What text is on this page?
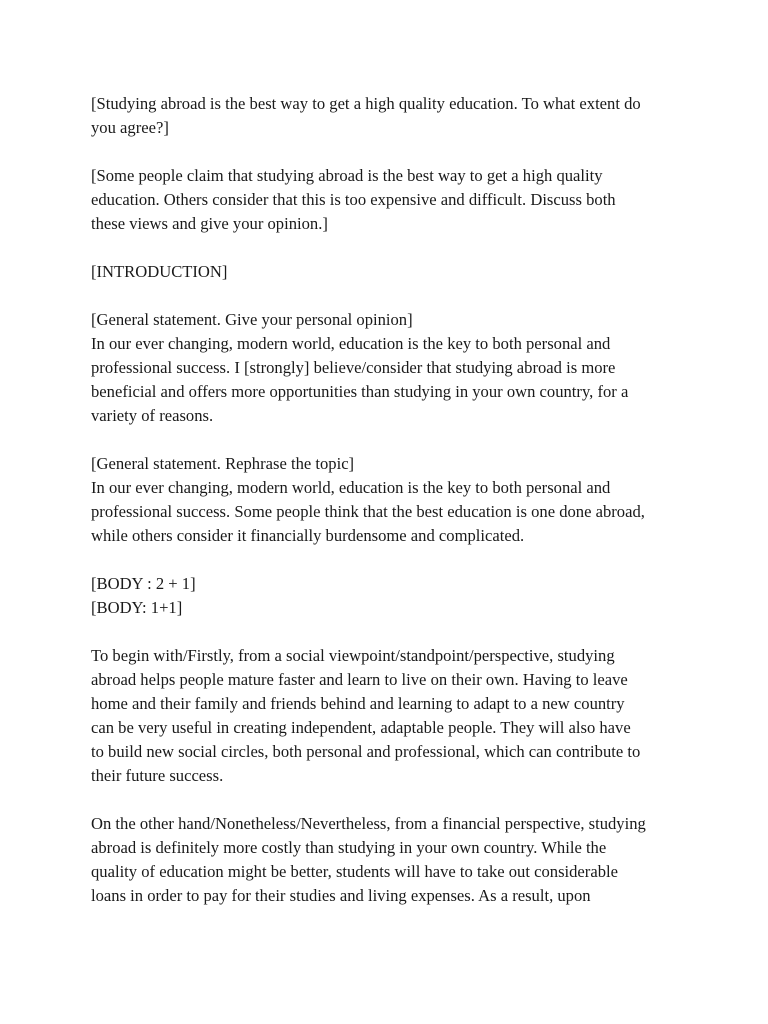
[Studying abroad is the best way to get a high quality education. To what extent do
you agree?]

[Some people claim that studying abroad is the best way to get a high quality
education. Others consider that this is too expensive and difficult. Discuss both
these views and give your opinion.]

[INTRODUCTION]

[General statement. Give your personal opinion]
In our ever changing, modern world, education is the key to both personal and
professional success. I [strongly] believe/consider that studying abroad is more
beneficial and offers more opportunities than studying in your own country, for a
variety of reasons.

[General statement. Rephrase the topic]
In our ever changing, modern world, education is the key to both personal and
professional success. Some people think that the best education is one done abroad,
while others consider it financially burdensome and complicated.

[BODY : 2 + 1]
[BODY: 1+1]

To begin with/Firstly, from a social viewpoint/standpoint/perspective, studying
abroad helps people mature faster and learn to live on their own. Having to leave
home and their family and friends behind and learning to adapt to a new country
can be very useful in creating independent, adaptable people. They will also have
to build new social circles, both personal and professional, which can contribute to
their future success.

On the other hand/Nonetheless/Nevertheless, from a financial perspective, studying
abroad is definitely more costly than studying in your own country. While the
quality of education might be better, students will have to take out considerable
loans in order to pay for their studies and living expenses. As a result, upon
